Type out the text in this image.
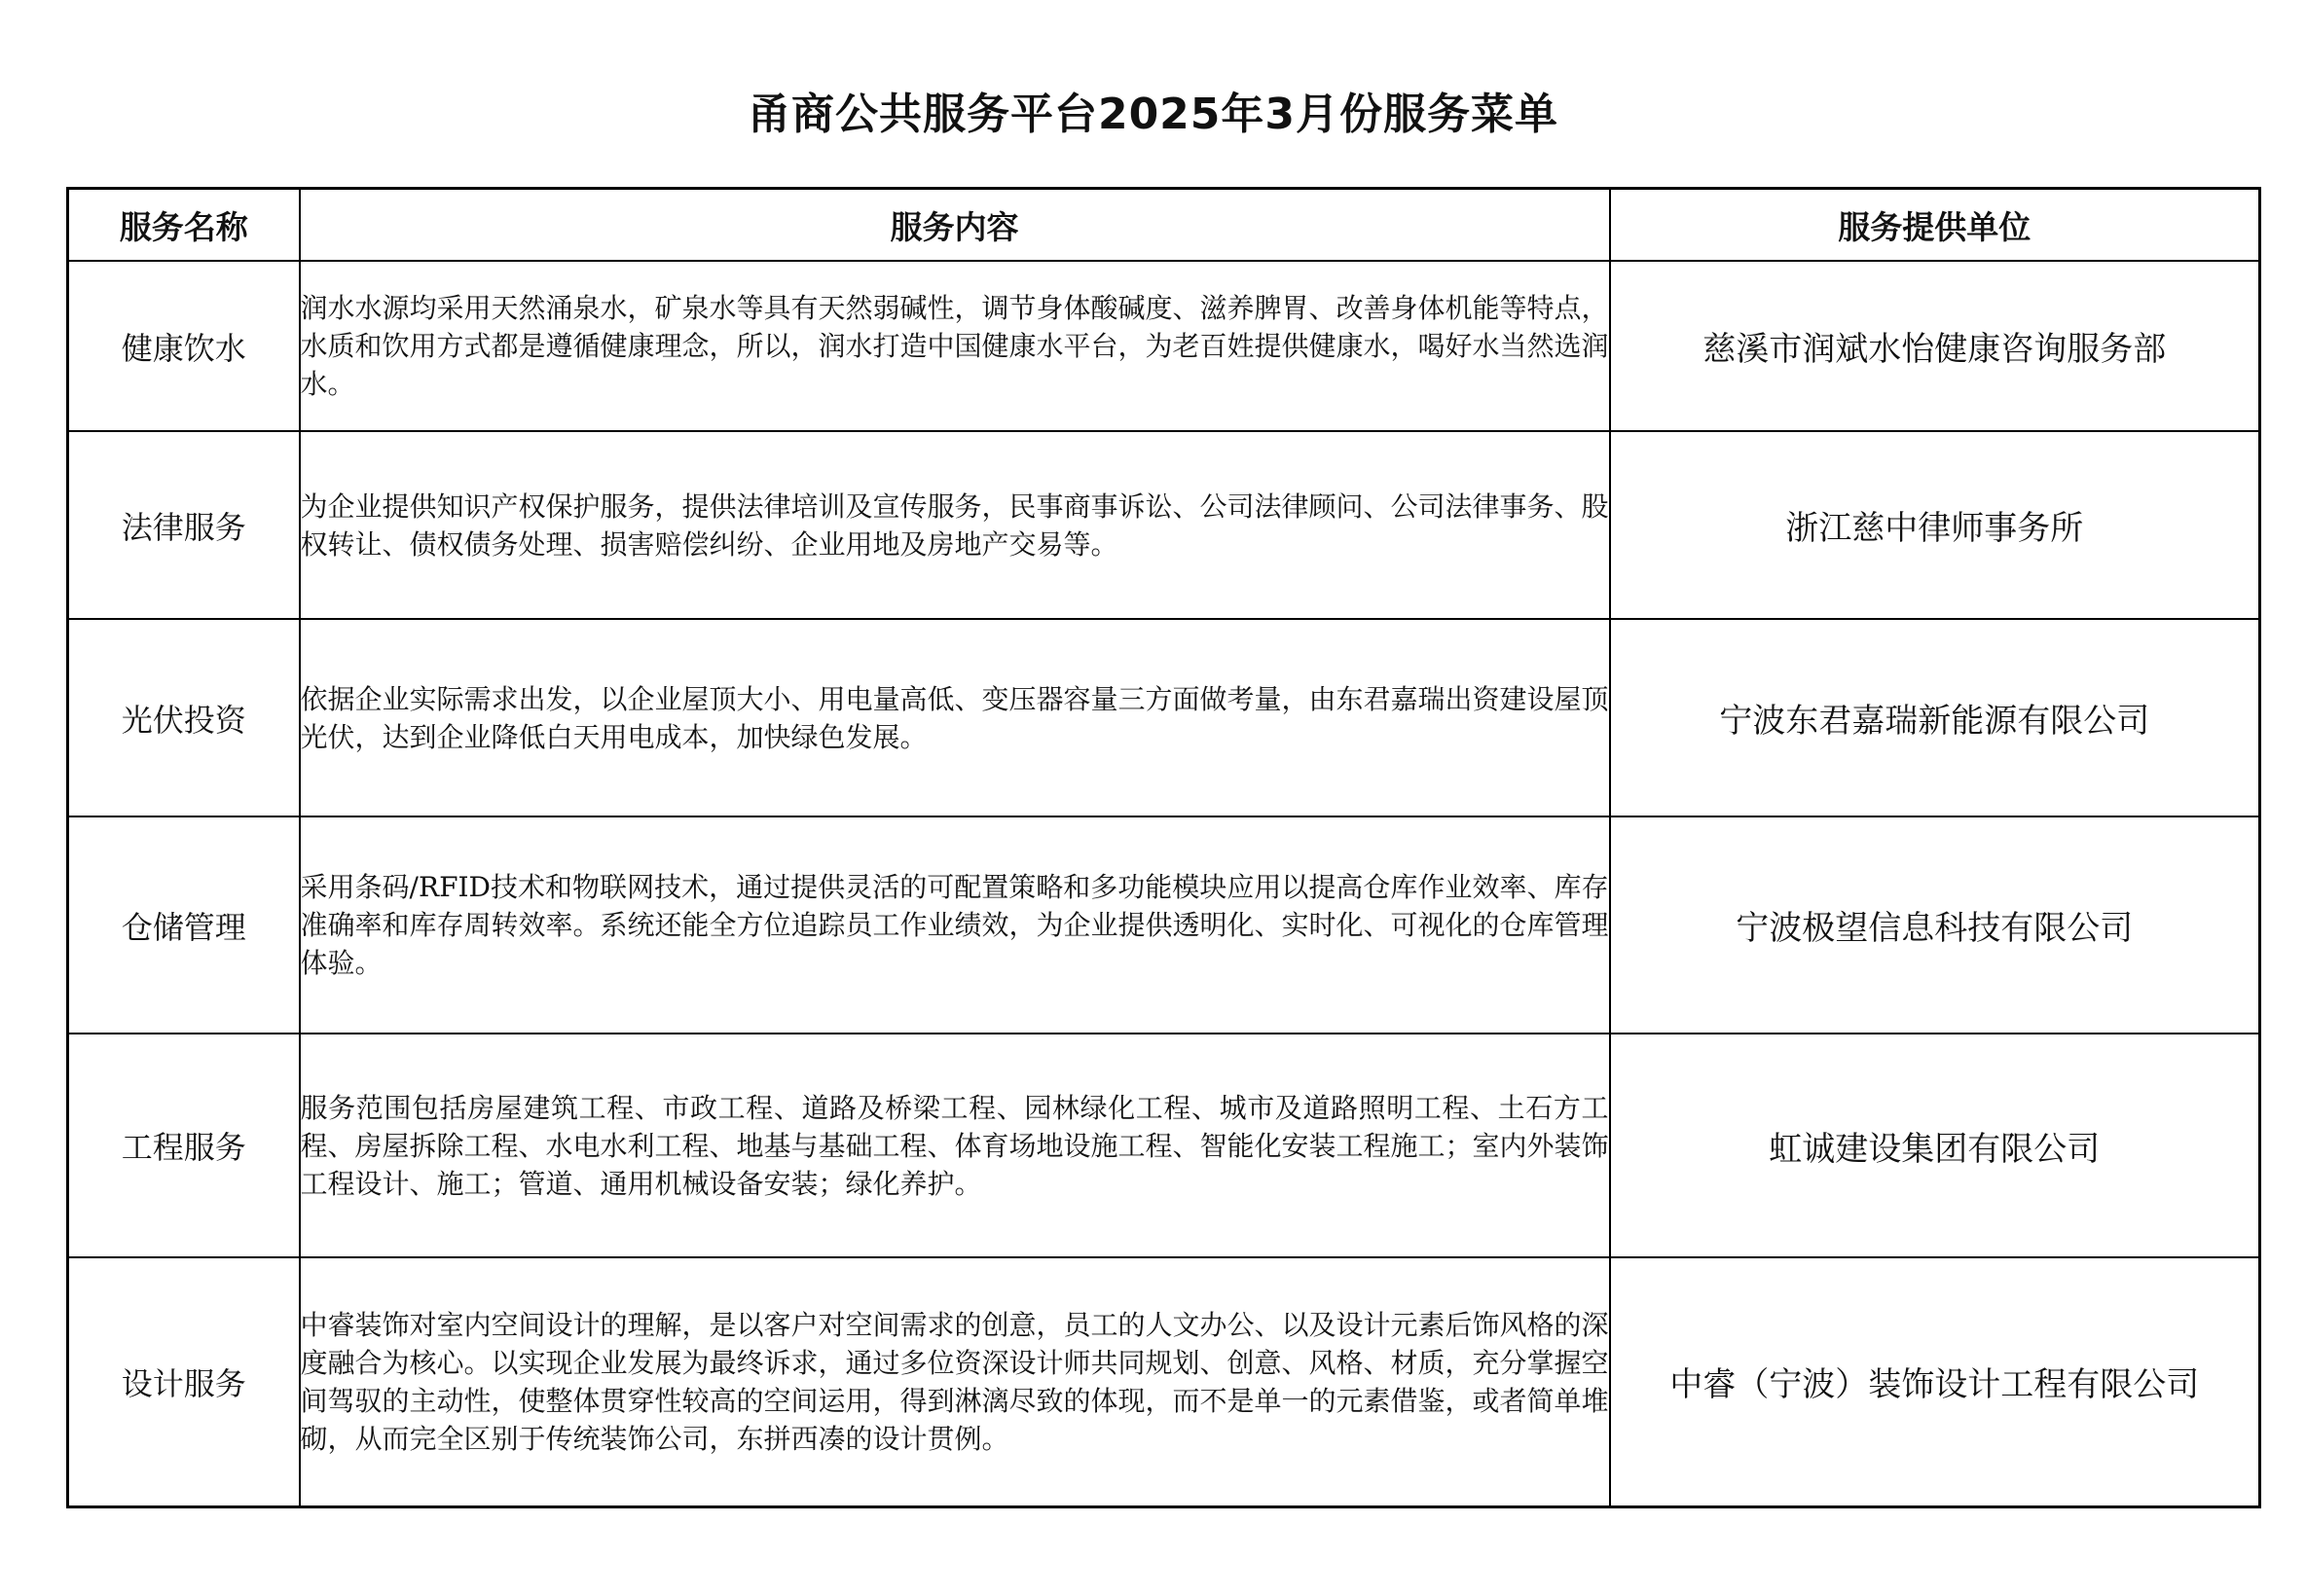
甬商公共服务平台2025年3月份服务菜单
服务名称	服务内容	服务提供单位
健康饮水	润水水源均采用天然涌泉水，矿泉水等具有天然弱碱性，调节身体酸碱度、滋养脾胃、改善身体机能等特点，水质和饮用方式都是遵循健康理念，所以，润水打造中国健康水平台，为老百姓提供健康水，喝好水当然选润水。	慈溪市润斌水怡健康咨询服务部
法律服务	为企业提供知识产权保护服务，提供法律培训及宣传服务，民事商事诉讼、公司法律顾问、公司法律事务、股权转让、债权债务处理、损害赔偿纠纷、企业用地及房地产交易等。	浙江慈中律师事务所
光伏投资	依据企业实际需求出发，以企业屋顶大小、用电量高低、变压器容量三方面做考量，由东君嘉瑞出资建设屋顶光伏，达到企业降低白天用电成本，加快绿色发展。	宁波东君嘉瑞新能源有限公司
仓储管理	采用条码/RFID技术和物联网技术，通过提供灵活的可配置策略和多功能模块应用以提高仓库作业效率、库存准确率和库存周转效率。系统还能全方位追踪员工作业绩效，为企业提供透明化、实时化、可视化的仓库管理体验。	宁波极望信息科技有限公司
工程服务	服务范围包括房屋建筑工程、市政工程、道路及桥梁工程、园林绿化工程、城市及道路照明工程、土石方工程、房屋拆除工程、水电水利工程、地基与基础工程、体育场地设施工程、智能化安装工程施工；室内外装饰工程设计、施工；管道、通用机械设备安装；绿化养护。	虹诚建设集团有限公司
设计服务	中睿装饰对室内空间设计的理解，是以客户对空间需求的创意，员工的人文办公、以及设计元素后饰风格的深度融合为核心。以实现企业发展为最终诉求，通过多位资深设计师共同规划、创意、风格、材质，充分掌握空间驾驭的主动性，使整体贯穿性较高的空间运用，得到淋漓尽致的体现，而不是单一的元素借鉴，或者简单堆砌，从而完全区别于传统装饰公司，东拼西凑的设计贯例。	中睿（宁波）装饰设计工程有限公司
